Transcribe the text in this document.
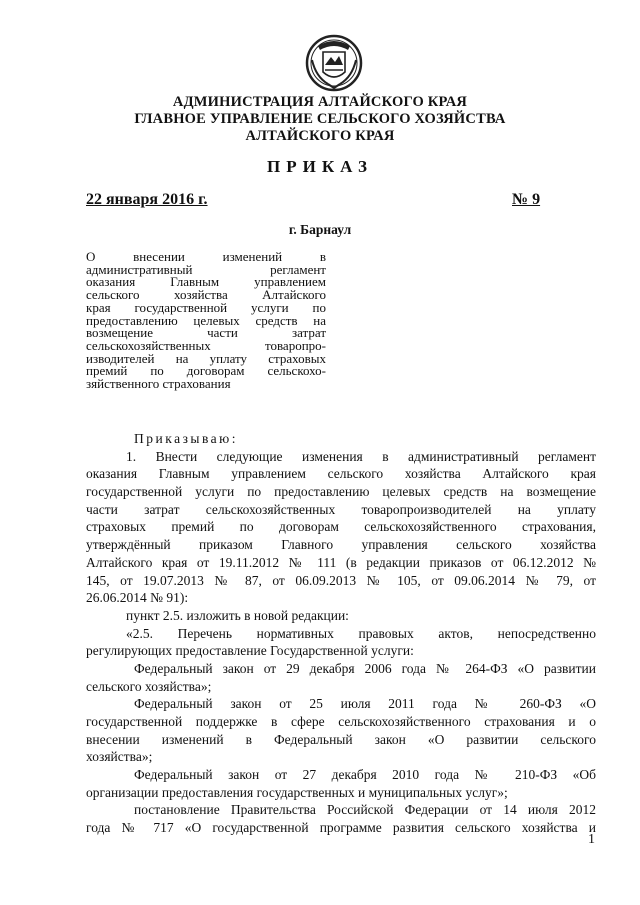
АДМИНИСТРАЦИЯ АЛТАЙСКОГО КРАЯ
ГЛАВНОЕ УПРАВЛЕНИЕ СЕЛЬСКОГО ХОЗЯЙСТВА
АЛТАЙСКОГО КРАЯ
ПРИКАЗ
22 января 2016 г.	№ 9
г. Барнаул
О внесении изменений в
административный регламент
оказания Главным управлением
сельского хозяйства Алтайского
края государственной услуги по
предоставлению целевых средств на
возмещение части затрат
сельскохозяйственных товаропро-
изводителей на уплату страховых
премий по договорам сельскохо-
зяйственного страхования
Приказываю:
1. Внести следующие изменения в административный регламент
оказания Главным управлением сельского хозяйства Алтайского края
государственной услуги по предоставлению целевых средств на возмещение
части затрат сельскохозяйственных товаропроизводителей на уплату
страховых премий по договорам сельскохозяйственного страхования,
утверждённый приказом Главного управления сельского хозяйства
Алтайского края от 19.11.2012 № 111 (в редакции приказов от 06.12.2012 №
145, от 19.07.2013 № 87, от 06.09.2013 № 105, от 09.06.2014 № 79, от
26.06.2014 № 91):
пункт 2.5. изложить в новой редакции:
«2.5. Перечень нормативных правовых актов, непосредственно
регулирующих предоставление Государственной услуги:
Федеральный закон от 29 декабря 2006 года № 264-ФЗ «О развитии
сельского хозяйства»;
Федеральный закон от 25 июля 2011 года № 260-ФЗ «О
государственной поддержке в сфере сельскохозяйственного страхования и о
внесении изменений в Федеральный закон «О развитии сельского
хозяйства»;
Федеральный закон от 27 декабря 2010 года № 210-ФЗ «Об
организации предоставления государственных и муниципальных услуг»;
постановление Правительства Российской Федерации от 14 июля 2012
года № 717 «О государственной программе развития сельского хозяйства и
1
